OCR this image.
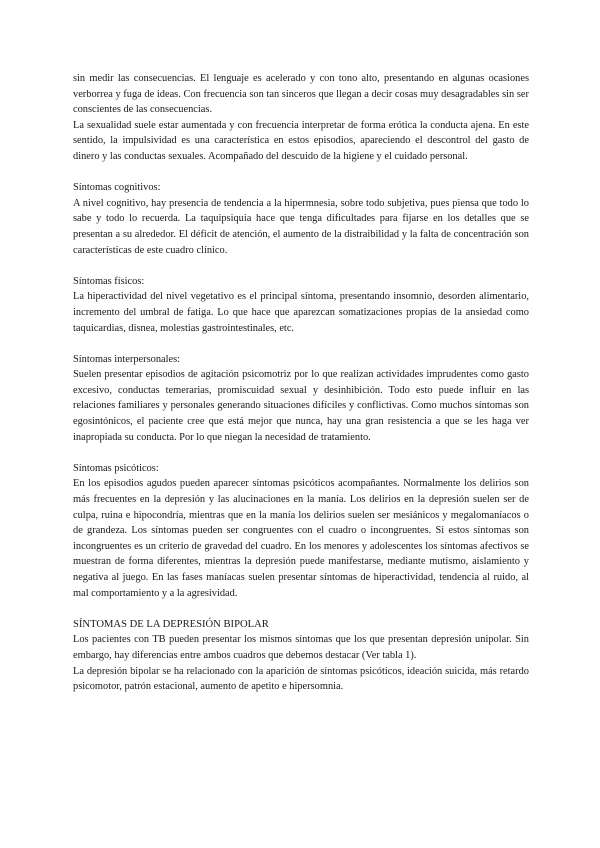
sin medir las consecuencias. El lenguaje es acelerado y con tono alto, presentando en algunas ocasiones verborrea y fuga de ideas. Con frecuencia son tan sinceros que llegan a decir cosas muy desagradables sin ser conscientes de las consecuencias.

La sexualidad suele estar aumentada y con frecuencia interpretar de forma erótica la conducta ajena. En este sentido, la impulsividad es una característica en estos episodios, apareciendo el descontrol del gasto de dinero y las conductas sexuales. Acompañado del descuido de la higiene y el cuidado personal.

Síntomas cognitivos:

A nivel cognitivo, hay presencia de tendencia a la hipermnesia, sobre todo subjetiva, pues piensa que todo lo sabe y todo lo recuerda. La taquipsiquia hace que tenga dificultades para fijarse en los detalles que se presentan a su alrededor. El déficit de atención, el aumento de la distraibilidad y la falta de concentración son características de este cuadro clínico.

Síntomas físicos:

La hiperactividad del nivel vegetativo es el principal síntoma, presentando insomnio, desorden alimentario, incremento del umbral de fatiga. Lo que hace que aparezcan somatizaciones propias de la ansiedad como taquicardias, disnea, molestias gastrointestinales, etc.

Síntomas interpersonales:

Suelen presentar episodios de agitación psicomotriz por lo que realizan actividades imprudentes como gasto excesivo, conductas temerarias, promiscuidad sexual y desinhibición. Todo esto puede influir en las relaciones familiares y personales generando situaciones difíciles y conflictivas. Como muchos síntomas son egosintónicos, el paciente cree que está mejor que nunca, hay una gran resistencia a que se les haga ver inapropiada su conducta. Por lo que niegan la necesidad de tratamiento.

Síntomas psicóticos:

En los episodios agudos pueden aparecer síntomas psicóticos acompañantes. Normalmente los delirios son más frecuentes en la depresión y las alucinaciones en la manía. Los delirios en la depresión suelen ser de culpa, ruina e hipocondría, mientras que en la manía los delirios suelen ser mesiánicos y megalomaníacos o de grandeza. Los síntomas pueden ser congruentes con el cuadro o incongruentes. Si estos síntomas son incongruentes es un criterio de gravedad del cuadro. En los menores y adolescentes los síntomas afectivos se muestran de forma diferentes, mientras la depresión puede manifestarse, mediante mutismo, aislamiento y negativa al juego. En las fases maníacas suelen presentar síntomas de hiperactividad, tendencia al ruido, al mal comportamiento y a la agresividad.

SÍNTOMAS DE LA DEPRESIÓN BIPOLAR

Los pacientes con TB pueden presentar los mismos síntomas que los que presentan depresión unipolar. Sin embargo, hay diferencias entre ambos cuadros que debemos destacar (Ver tabla 1).

La depresión bipolar se ha relacionado con la aparición de síntomas psicóticos, ideación suicida, más retardo psicomotor, patrón estacional, aumento de apetito e hipersomnia.
